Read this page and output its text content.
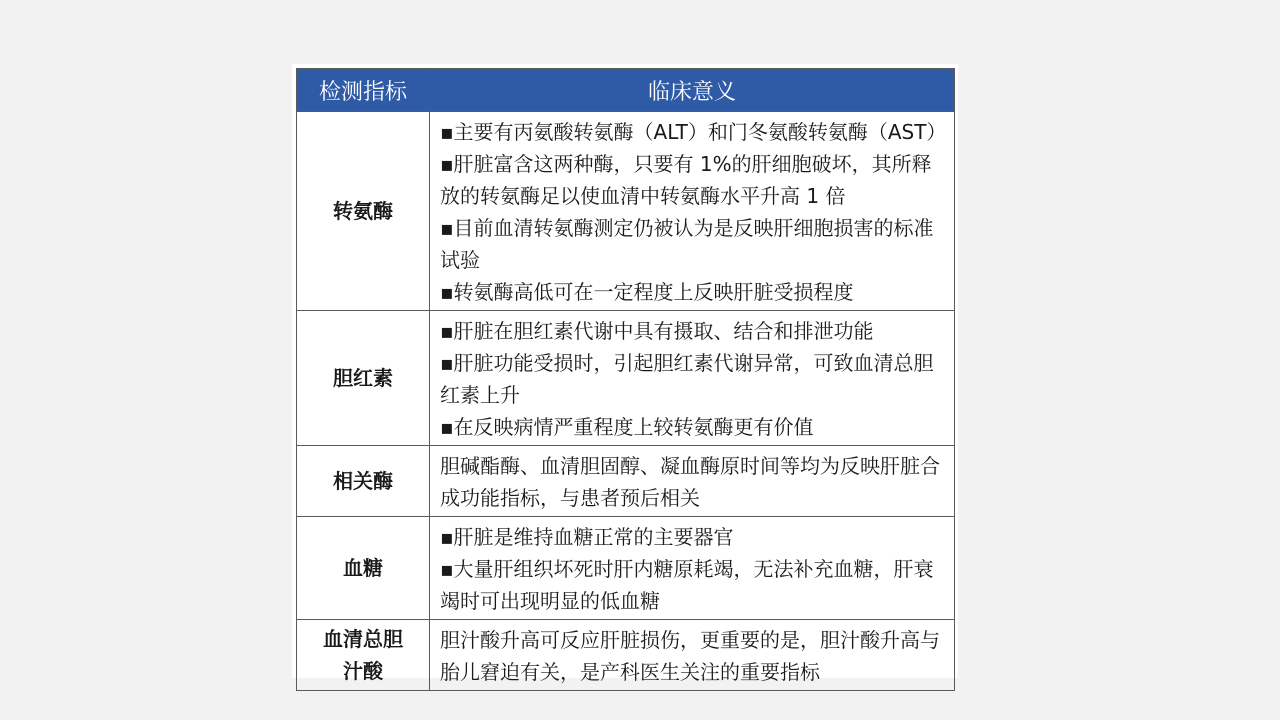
检测指标	临床意义

转氨酶	▪主要有丙氨酸转氨酶（ALT）和门冬氨酸转氨酶（AST）
▪肝脏富含这两种酶，只要有 1%的肝细胞破坏，其所释放的转氨酶足以使血清中转氨酶水平升高 1 倍
▪目前血清转氨酶测定仍被认为是反映肝细胞损害的标准试验
▪转氨酶高低可在一定程度上反映肝脏受损程度

胆红素	▪肝脏在胆红素代谢中具有摄取、结合和排泄功能
▪肝脏功能受损时，引起胆红素代谢异常，可致血清总胆红素上升
▪在反映病情严重程度上较转氨酶更有价值

相关酶	胆碱酯酶、血清胆固醇、凝血酶原时间等均为反映肝脏合成功能指标，与患者预后相关

血糖	▪肝脏是维持血糖正常的主要器官
▪大量肝组织坏死时肝内糖原耗竭，无法补充血糖，肝衰竭时可出现明显的低血糖

血清总胆
汁酸	胆汁酸升高可反应肝脏损伤，更重要的是，胆汁酸升高与胎儿窘迫有关，是产科医生关注的重要指标
